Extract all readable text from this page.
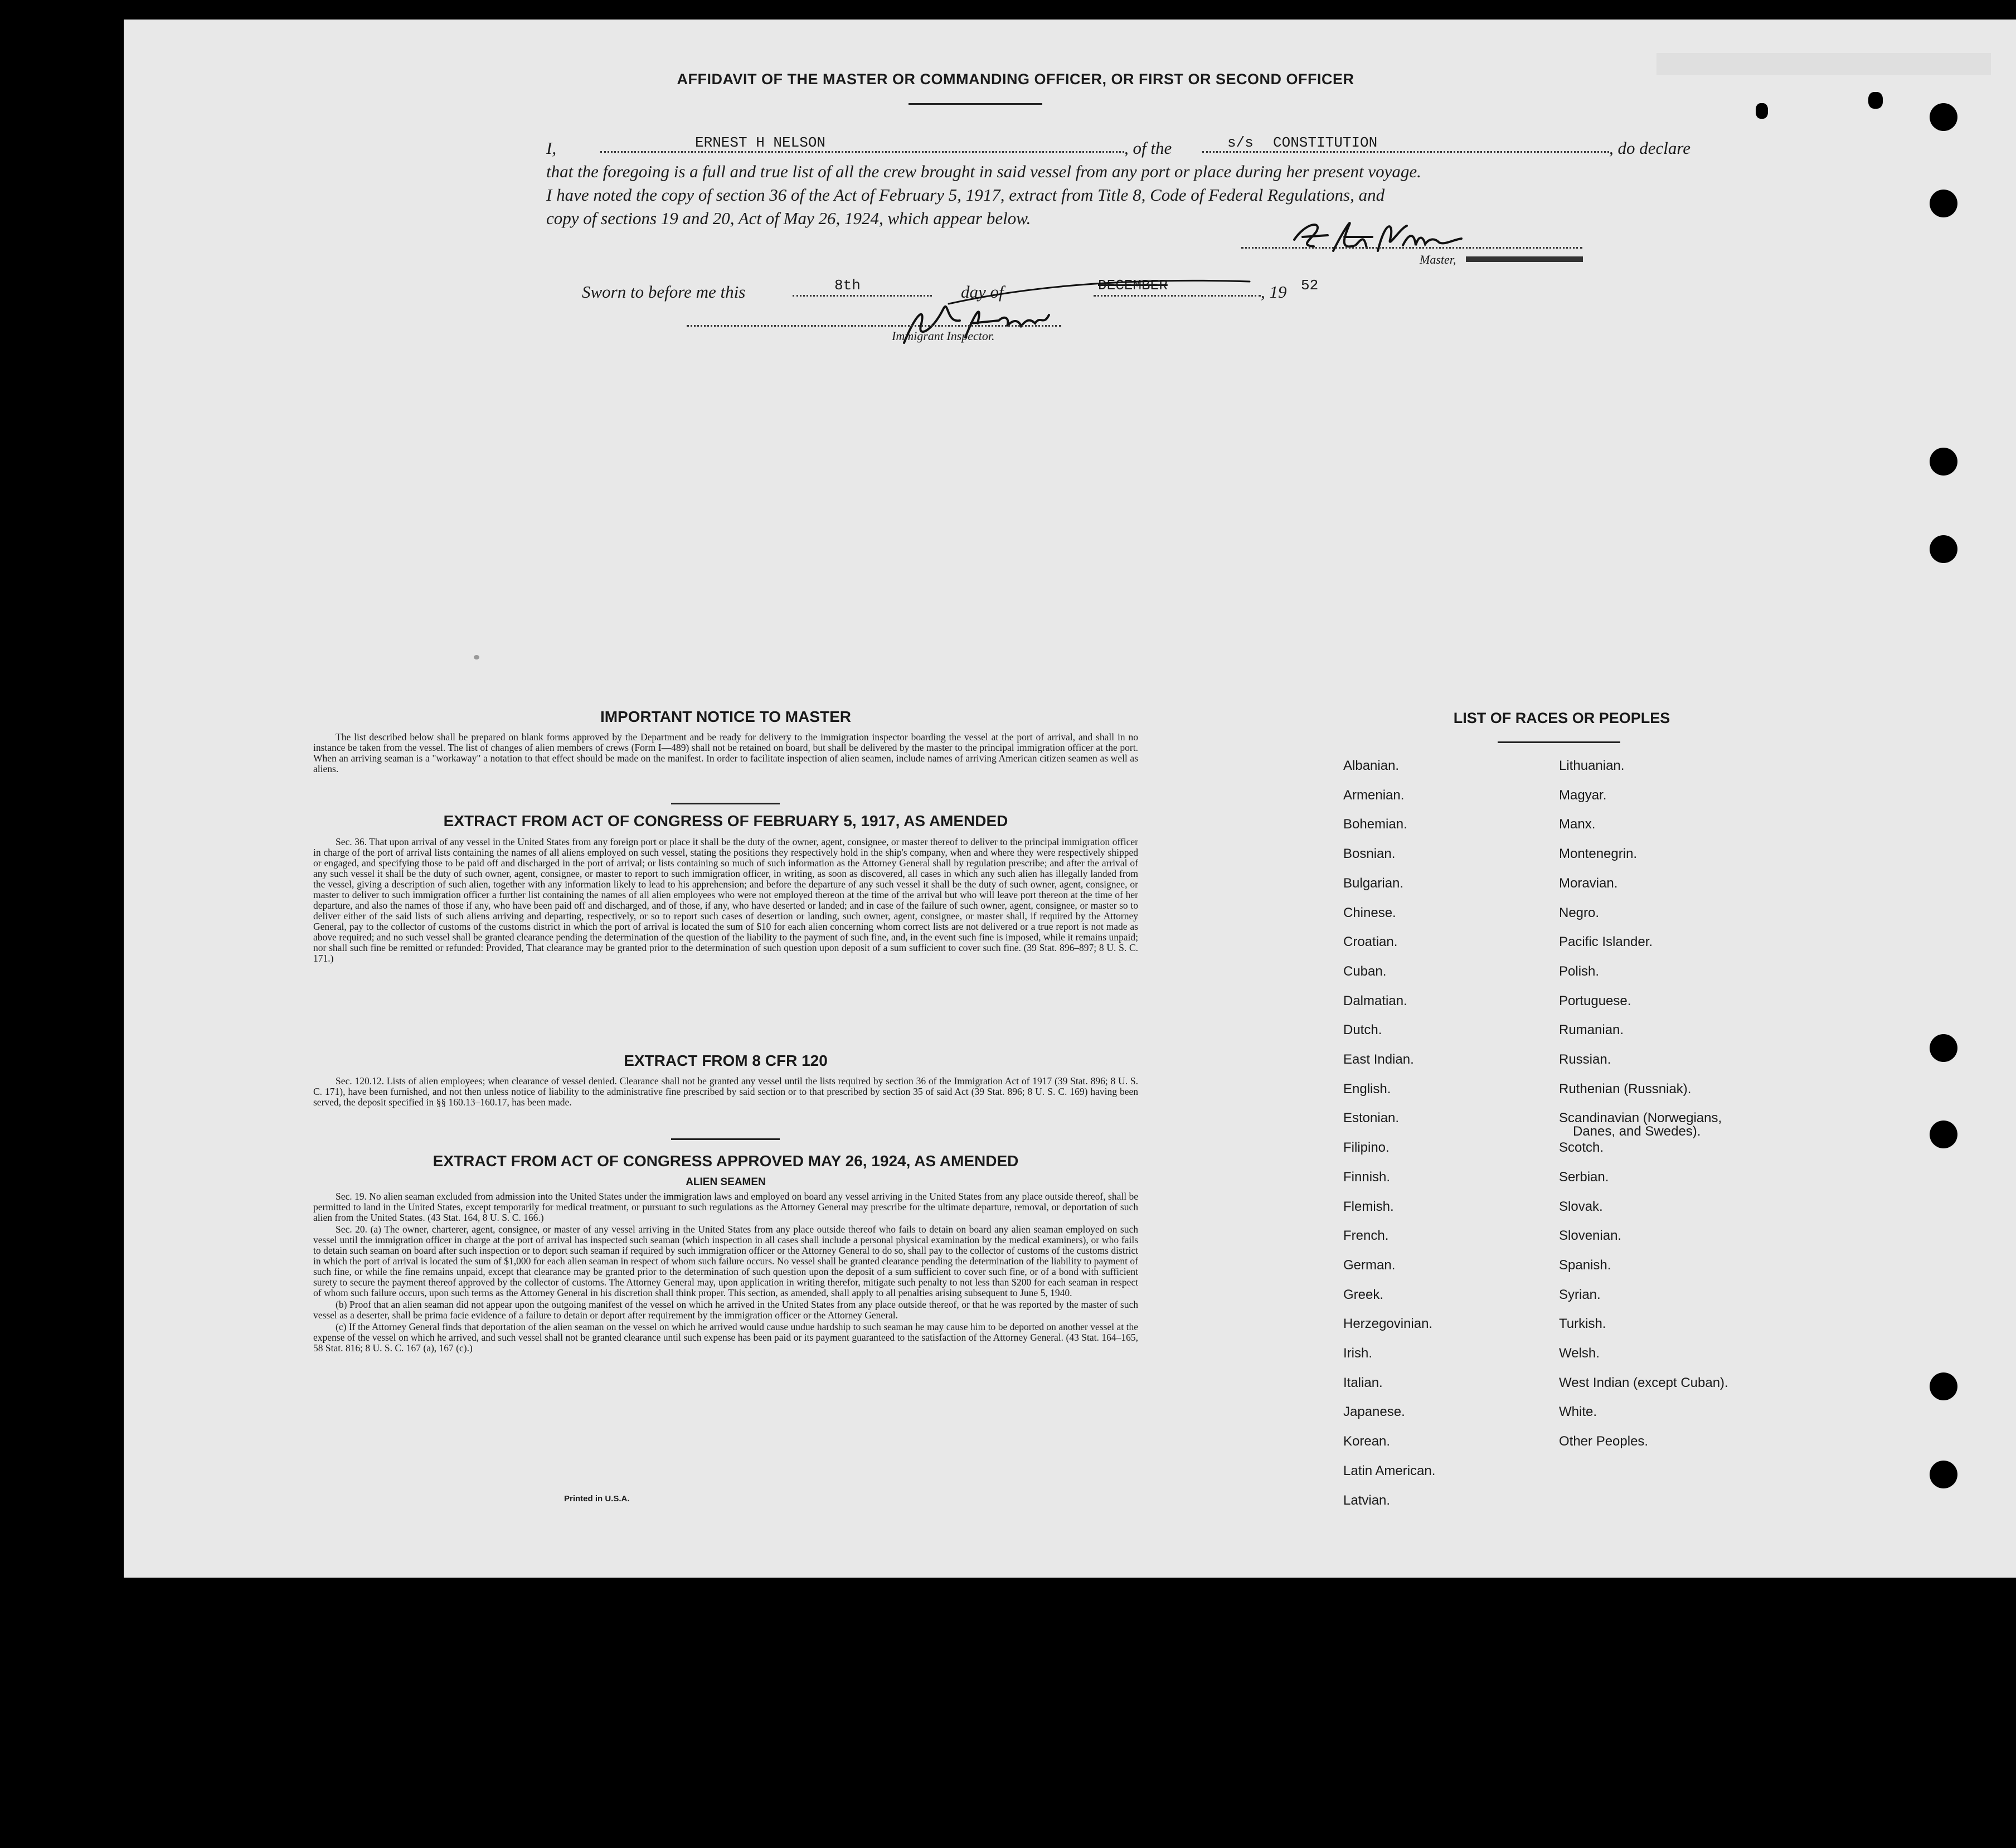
AFFIDAVIT OF THE MASTER OR COMMANDING OFFICER, OR FIRST OR SECOND OFFICER
I,	ERNEST H NELSON	, of the	s/s CONSTITUTION	, do declare
that the foregoing is a full and true list of all the crew brought in said vessel from any port or place during her present voyage.
I have noted the copy of section 36 of the Act of February 5, 1917, extract from Title 8, Code of Federal Regulations, and
copy of sections 19 and 20, Act of May 26, 1924, which appear below.
Master,
Sworn to before me this	8th	day of	DECEMBER	, 19 52
Immigrant Inspector.
IMPORTANT NOTICE TO MASTER

The list described below shall be prepared on blank forms approved by the Department and be ready for delivery to the immigration inspector boarding the vessel at the port of arrival, and shall in no instance be taken from the vessel. The list of changes of alien members of crews (Form I—489) shall not be retained on board, but shall be delivered by the master to the principal immigration officer at the port. When an arriving seaman is a "workaway" a notation to that effect should be made on the manifest. In order to facilitate inspection of alien seamen, include names of arriving American citizen seamen as well as aliens.

EXTRACT FROM ACT OF CONGRESS OF FEBRUARY 5, 1917, AS AMENDED

Sec. 36. That upon arrival of any vessel in the United States from any foreign port or place it shall be the duty of the owner, agent, consignee, or master thereof to deliver to the principal immigration officer in charge of the port of arrival lists containing the names of all aliens employed on such vessel, stating the positions they respectively hold in the ship's company, when and where they were respectively shipped or engaged, and specifying those to be paid off and discharged in the port of arrival; or lists containing so much of such information as the Attorney General shall by regulation prescribe; and after the arrival of any such vessel it shall be the duty of such owner, agent, consignee, or master to report to such immigration officer, in writing, as soon as discovered, all cases in which any such alien has illegally landed from the vessel, giving a description of such alien, together with any information likely to lead to his apprehension; and before the departure of any such vessel it shall be the duty of such owner, agent, consignee, or master to deliver to such immigration officer a further list containing the names of all alien employees who were not employed thereon at the time of the arrival but who will leave port thereon at the time of her departure, and also the names of those if any, who have been paid off and discharged, and of those, if any, who have deserted or landed; and in case of the failure of such owner, agent, consignee, or master so to deliver either of the said lists of such aliens arriving and departing, respectively, or so to report such cases of desertion or landing, such owner, agent, consignee, or master shall, if required by the Attorney General, pay to the collector of customs of the customs district in which the port of arrival is located the sum of $10 for each alien concerning whom correct lists are not delivered or a true report is not made as above required; and no such vessel shall be granted clearance pending the determination of the question of the liability to the payment of such fine, and, in the event such fine is imposed, while it remains unpaid; nor shall such fine be remitted or refunded: Provided, That clearance may be granted prior to the determination of such question upon deposit of a sum sufficient to cover such fine. (39 Stat. 896–897; 8 U. S. C. 171.)

EXTRACT FROM 8 CFR 120

Sec. 120.12. Lists of alien employees; when clearance of vessel denied. Clearance shall not be granted any vessel until the lists required by section 36 of the Immigration Act of 1917 (39 Stat. 896; 8 U. S. C. 171), have been furnished, and not then unless notice of liability to the administrative fine prescribed by said section or to that prescribed by section 35 of said Act (39 Stat. 896; 8 U. S. C. 169) having been served, the deposit specified in §§ 160.13–160.17, has been made.

EXTRACT FROM ACT OF CONGRESS APPROVED MAY 26, 1924, AS AMENDED
ALIEN SEAMEN

Sec. 19. No alien seaman excluded from admission into the United States under the immigration laws and employed on board any vessel arriving in the United States from any place outside thereof, shall be permitted to land in the United States, except temporarily for medical treatment, or pursuant to such regulations as the Attorney General may prescribe for the ultimate departure, removal, or deportation of such alien from the United States. (43 Stat. 164, 8 U. S. C. 166.)

Sec. 20. (a) The owner, charterer, agent, consignee, or master of any vessel arriving in the United States from any place outside thereof who fails to detain on board any alien seaman employed on such vessel until the immigration officer in charge at the port of arrival has inspected such seaman (which inspection in all cases shall include a personal physical examination by the medical examiners), or who fails to detain such seaman on board after such inspection or to deport such seaman if required by such immigration officer or the Attorney General to do so, shall pay to the collector of customs of the customs district in which the port of arrival is located the sum of $1,000 for each alien seaman in respect of whom such failure occurs. No vessel shall be granted clearance pending the determination of the liability to payment of such fine, or while the fine remains unpaid, except that clearance may be granted prior to the determination of such question upon the deposit of a sum sufficient to cover such fine, or of a bond with sufficient surety to secure the payment thereof approved by the collector of customs. The Attorney General may, upon application in writing therefor, mitigate such penalty to not less than $200 for each seaman in respect of whom such failure occurs, upon such terms as the Attorney General in his discretion shall think proper. This section, as amended, shall apply to all penalties arising subsequent to June 5, 1940.

(b) Proof that an alien seaman did not appear upon the outgoing manifest of the vessel on which he arrived in the United States from any place outside thereof, or that he was reported by the master of such vessel as a deserter, shall be prima facie evidence of a failure to detain or deport after requirement by the immigration officer or the Attorney General.

(c) If the Attorney General finds that deportation of the alien seaman on the vessel on which he arrived would cause undue hardship to such seaman he may cause him to be deported on another vessel at the expense of the vessel on which he arrived, and such vessel shall not be granted clearance until such expense has been paid or its payment guaranteed to the satisfaction of the Attorney General. (43 Stat. 164–165, 58 Stat. 816; 8 U. S. C. 167 (a), 167 (c).)

Printed in U.S.A.
LIST OF RACES OR PEOPLES
Albanian.
Armenian.
Bohemian.
Bosnian.
Bulgarian.
Chinese.
Croatian.
Cuban.
Dalmatian.
Dutch.
East Indian.
English.
Estonian.
Filipino.
Finnish.
Flemish.
French.
German.
Greek.
Herzegovinian.
Irish.
Italian.
Japanese.
Korean.
Latin American.
Latvian.
Lithuanian.
Magyar.
Manx.
Montenegrin.
Moravian.
Negro.
Pacific Islander.
Polish.
Portuguese.
Rumanian.
Russian.
Ruthenian (Russniak).
Scandinavian (Norwegians,
Danes, and Swedes).
Scotch.
Serbian.
Slovak.
Slovenian.
Spanish.
Syrian.
Turkish.
Welsh.
West Indian (except Cuban).
White.
Other Peoples.
